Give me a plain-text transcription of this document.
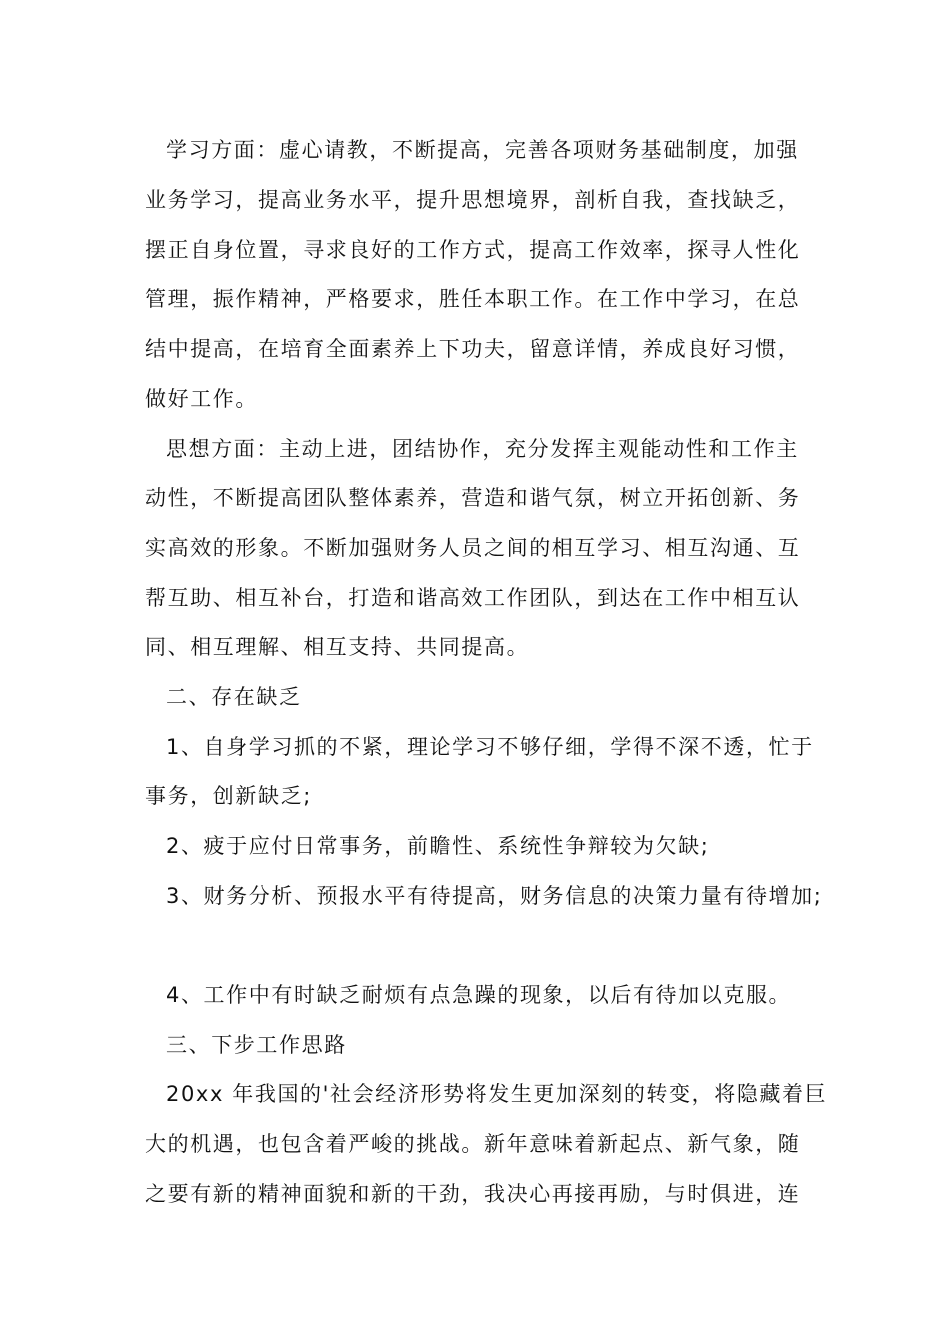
学习方面：虚心请教，不断提高，完善各项财务基础制度，加强
业务学习，提高业务水平，提升思想境界，剖析自我，查找缺乏，
摆正自身位置，寻求良好的工作方式，提高工作效率，探寻人性化
管理，振作精神，严格要求，胜任本职工作。在工作中学习，在总
结中提高，在培育全面素养上下功夫，留意详情，养成良好习惯，
做好工作。
思想方面：主动上进，团结协作，充分发挥主观能动性和工作主
动性，不断提高团队整体素养，营造和谐气氛，树立开拓创新、务
实高效的形象。不断加强财务人员之间的相互学习、相互沟通、互
帮互助、相互补台，打造和谐高效工作团队，到达在工作中相互认
同、相互理解、相互支持、共同提高。
二、存在缺乏
1、自身学习抓的不紧，理论学习不够仔细，学得不深不透，忙于
事务，创新缺乏;
2、疲于应付日常事务，前瞻性、系统性争辩较为欠缺;
3、财务分析、预报水平有待提高，财务信息的决策力量有待增加;
4、工作中有时缺乏耐烦有点急躁的现象，以后有待加以克服。
三、下步工作思路
20xx 年我国的'社会经济形势将发生更加深刻的转变，将隐藏着巨
大的机遇，也包含着严峻的挑战。新年意味着新起点、新气象，随
之要有新的精神面貌和新的干劲，我决心再接再励，与时俱进，连
